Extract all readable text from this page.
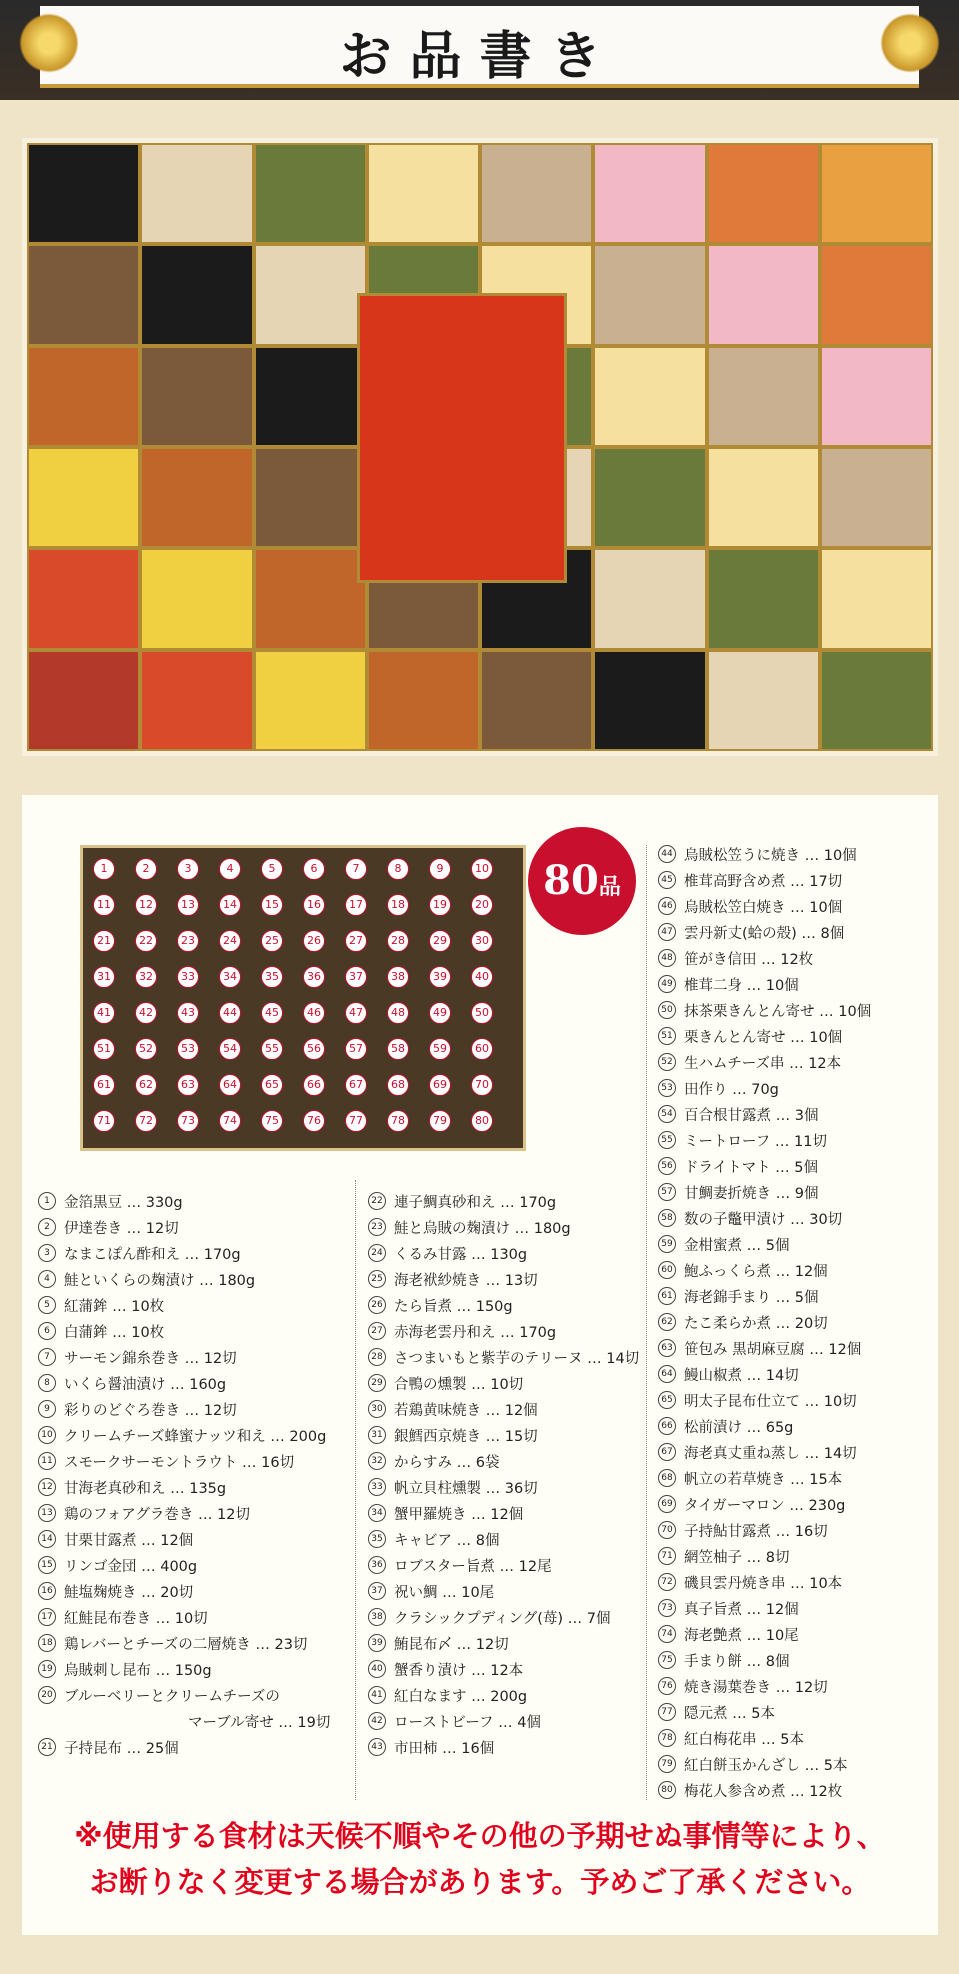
お品書き
1	2	3	4	5	6	7	8	9	10
11	12	13	14	15	16	17	18	19	20
21	22	23	24	25	26	27	28	29	30
31	32	33	34	35	36	37	38	39	40
41	42	43	44	45	46	47	48	49	50
51	52	53	54	55	56	57	58	59	60
61	62	63	64	65	66	67	68	69	70
71	72	73	74	75	76	77	78	79	80
80品
1 金箔黒豆 … 330g
2 伊達巻き … 12切
3 なまこぽん酢和え … 170g
4 鮭といくらの麹漬け … 180g
5 紅蒲鉾 … 10枚
6 白蒲鉾 … 10枚
7 サーモン錦糸巻き … 12切
8 いくら醤油漬け … 160g
9 彩りのどぐろ巻き … 12切
10 クリームチーズ蜂蜜ナッツ和え … 200g
11 スモークサーモントラウト … 16切
12 甘海老真砂和え … 135g
13 鶏のフォアグラ巻き … 12切
14 甘栗甘露煮 … 12個
15 リンゴ金団 … 400g
16 鮭塩麹焼き … 20切
17 紅鮭昆布巻き … 10切
18 鶏レバーとチーズの二層焼き … 23切
19 烏賊刺し昆布 … 150g
20 ブルーベリーとクリームチーズの
マーブル寄せ … 19切
21 子持昆布 … 25個
22 連子鯛真砂和え … 170g
23 鮭と烏賊の麹漬け … 180g
24 くるみ甘露 … 130g
25 海老袱紗焼き … 13切
26 たら旨煮 … 150g
27 赤海老雲丹和え … 170g
28 さつまいもと紫芋のテリーヌ … 14切
29 合鴨の燻製 … 10切
30 若鶏黄味焼き … 12個
31 銀鱈西京焼き … 15切
32 からすみ … 6袋
33 帆立貝柱燻製 … 36切
34 蟹甲羅焼き … 12個
35 キャビア … 8個
36 ロブスター旨煮 … 12尾
37 祝い鯛 … 10尾
38 クラシックプディング(苺) … 7個
39 鮪昆布〆 … 12切
40 蟹香り漬け … 12本
41 紅白なます … 200g
42 ローストビーフ … 4個
43 市田柿 … 16個
44 烏賊松笠うに焼き … 10個
45 椎茸高野含め煮 … 17切
46 烏賊松笠白焼き … 10個
47 雲丹新丈(蛤の殻) … 8個
48 笹がき信田 … 12枚
49 椎茸二身 … 10個
50 抹茶栗きんとん寄せ … 10個
51 栗きんとん寄せ … 10個
52 生ハムチーズ串 … 12本
53 田作り … 70g
54 百合根甘露煮 … 3個
55 ミートローフ … 11切
56 ドライトマト … 5個
57 甘鯛妻折焼き … 9個
58 数の子鼈甲漬け … 30切
59 金柑蜜煮 … 5個
60 鮑ふっくら煮 … 12個
61 海老錦手まり … 5個
62 たこ柔らか煮 … 20切
63 笹包み 黒胡麻豆腐 … 12個
64 鰻山椒煮 … 14切
65 明太子昆布仕立て … 10切
66 松前漬け … 65g
67 海老真丈重ね蒸し … 14切
68 帆立の若草焼き … 15本
69 タイガーマロン … 230g
70 子持鮎甘露煮 … 16切
71 網笠柚子 … 8切
72 磯貝雲丹焼き串 … 10本
73 真子旨煮 … 12個
74 海老艶煮 … 10尾
75 手まり餅 … 8個
76 焼き湯葉巻き … 12切
77 隠元煮 … 5本
78 紅白梅花串 … 5本
79 紅白餅玉かんざし … 5本
80 梅花人参含め煮 … 12枚
※使用する食材は天候不順やその他の予期せぬ事情等により、
お断りなく変更する場合があります。予めご了承ください。
